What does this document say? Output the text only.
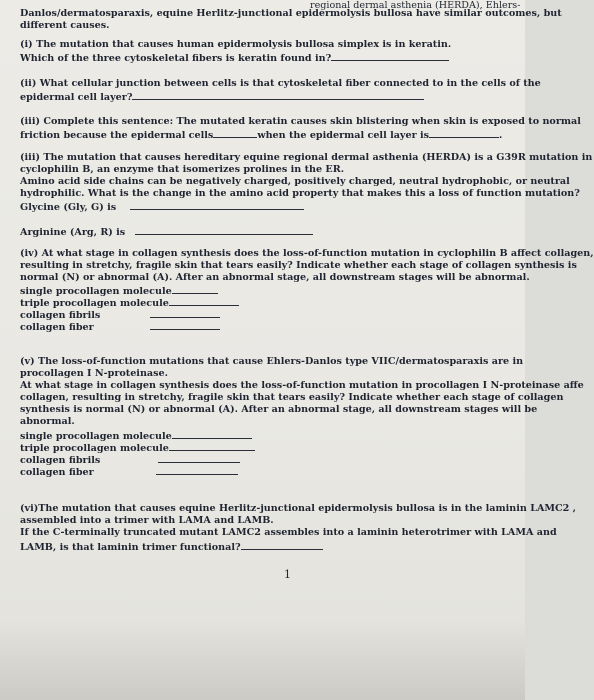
regional dermal asthenia (HERDA), Ehlers-
Danlos/dermatosparaxis, equine Herlitz-junctional epidermolysis bullosa have similar outcomes, but
different causes.
(i) The mutation that causes human epidermolysis bullosa simplex is in keratin.
Which of the three cytoskeletal fibers is keratin found in?
(ii) What cellular junction between cells is that cytoskeletal fiber connected to in the cells of the
epidermal cell layer?
(iii) Complete this sentence: The mutated keratin causes skin blistering when skin is exposed to normal
friction because the epidermal cells	when the epidermal cell layer is	.
(iii) The mutation that causes hereditary equine regional dermal asthenia (HERDA) is a G39R mutation in
cyclophilin B, an enzyme that isomerizes prolines in the ER.
Amino acid side chains can be negatively charged, positively charged, neutral hydrophobic, or neutral
hydrophilic. What is the change in the amino acid property that makes this a loss of function mutation?
Glycine (Gly, G) is
Arginine (Arg, R) is
(iv) At what stage in collagen synthesis does the loss-of-function mutation in cyclophilin B affect collagen,
resulting in stretchy, fragile skin that tears easily? Indicate whether each stage of collagen synthesis is
normal (N) or abnormal (A). After an abnormal stage, all downstream stages will be abnormal.
single procollagen molecule
triple procollagen molecule
collagen fibrils
collagen fiber
(v) The loss-of-function mutations that cause Ehlers-Danlos type VIIC/dermatosparaxis are in
procollagen I N-proteinase.
At what stage in collagen synthesis does the loss-of-function mutation in procollagen I N-proteinase affe
collagen, resulting in stretchy, fragile skin that tears easily? Indicate whether each stage of collagen
synthesis is normal (N) or abnormal (A). After an abnormal stage, all downstream stages will be
abnormal.
single procollagen molecule
triple procollagen molecule
collagen fibrils
collagen fiber
(vi)The mutation that causes equine Herlitz-junctional epidermolysis bullosa is in the laminin LAMC2 ,
assembled into a trimer with LAMA and LAMB.
If the C-terminally truncated mutant LAMC2 assembles into a laminin heterotrimer with LAMA and
LAMB, is that laminin trimer functional?
1
